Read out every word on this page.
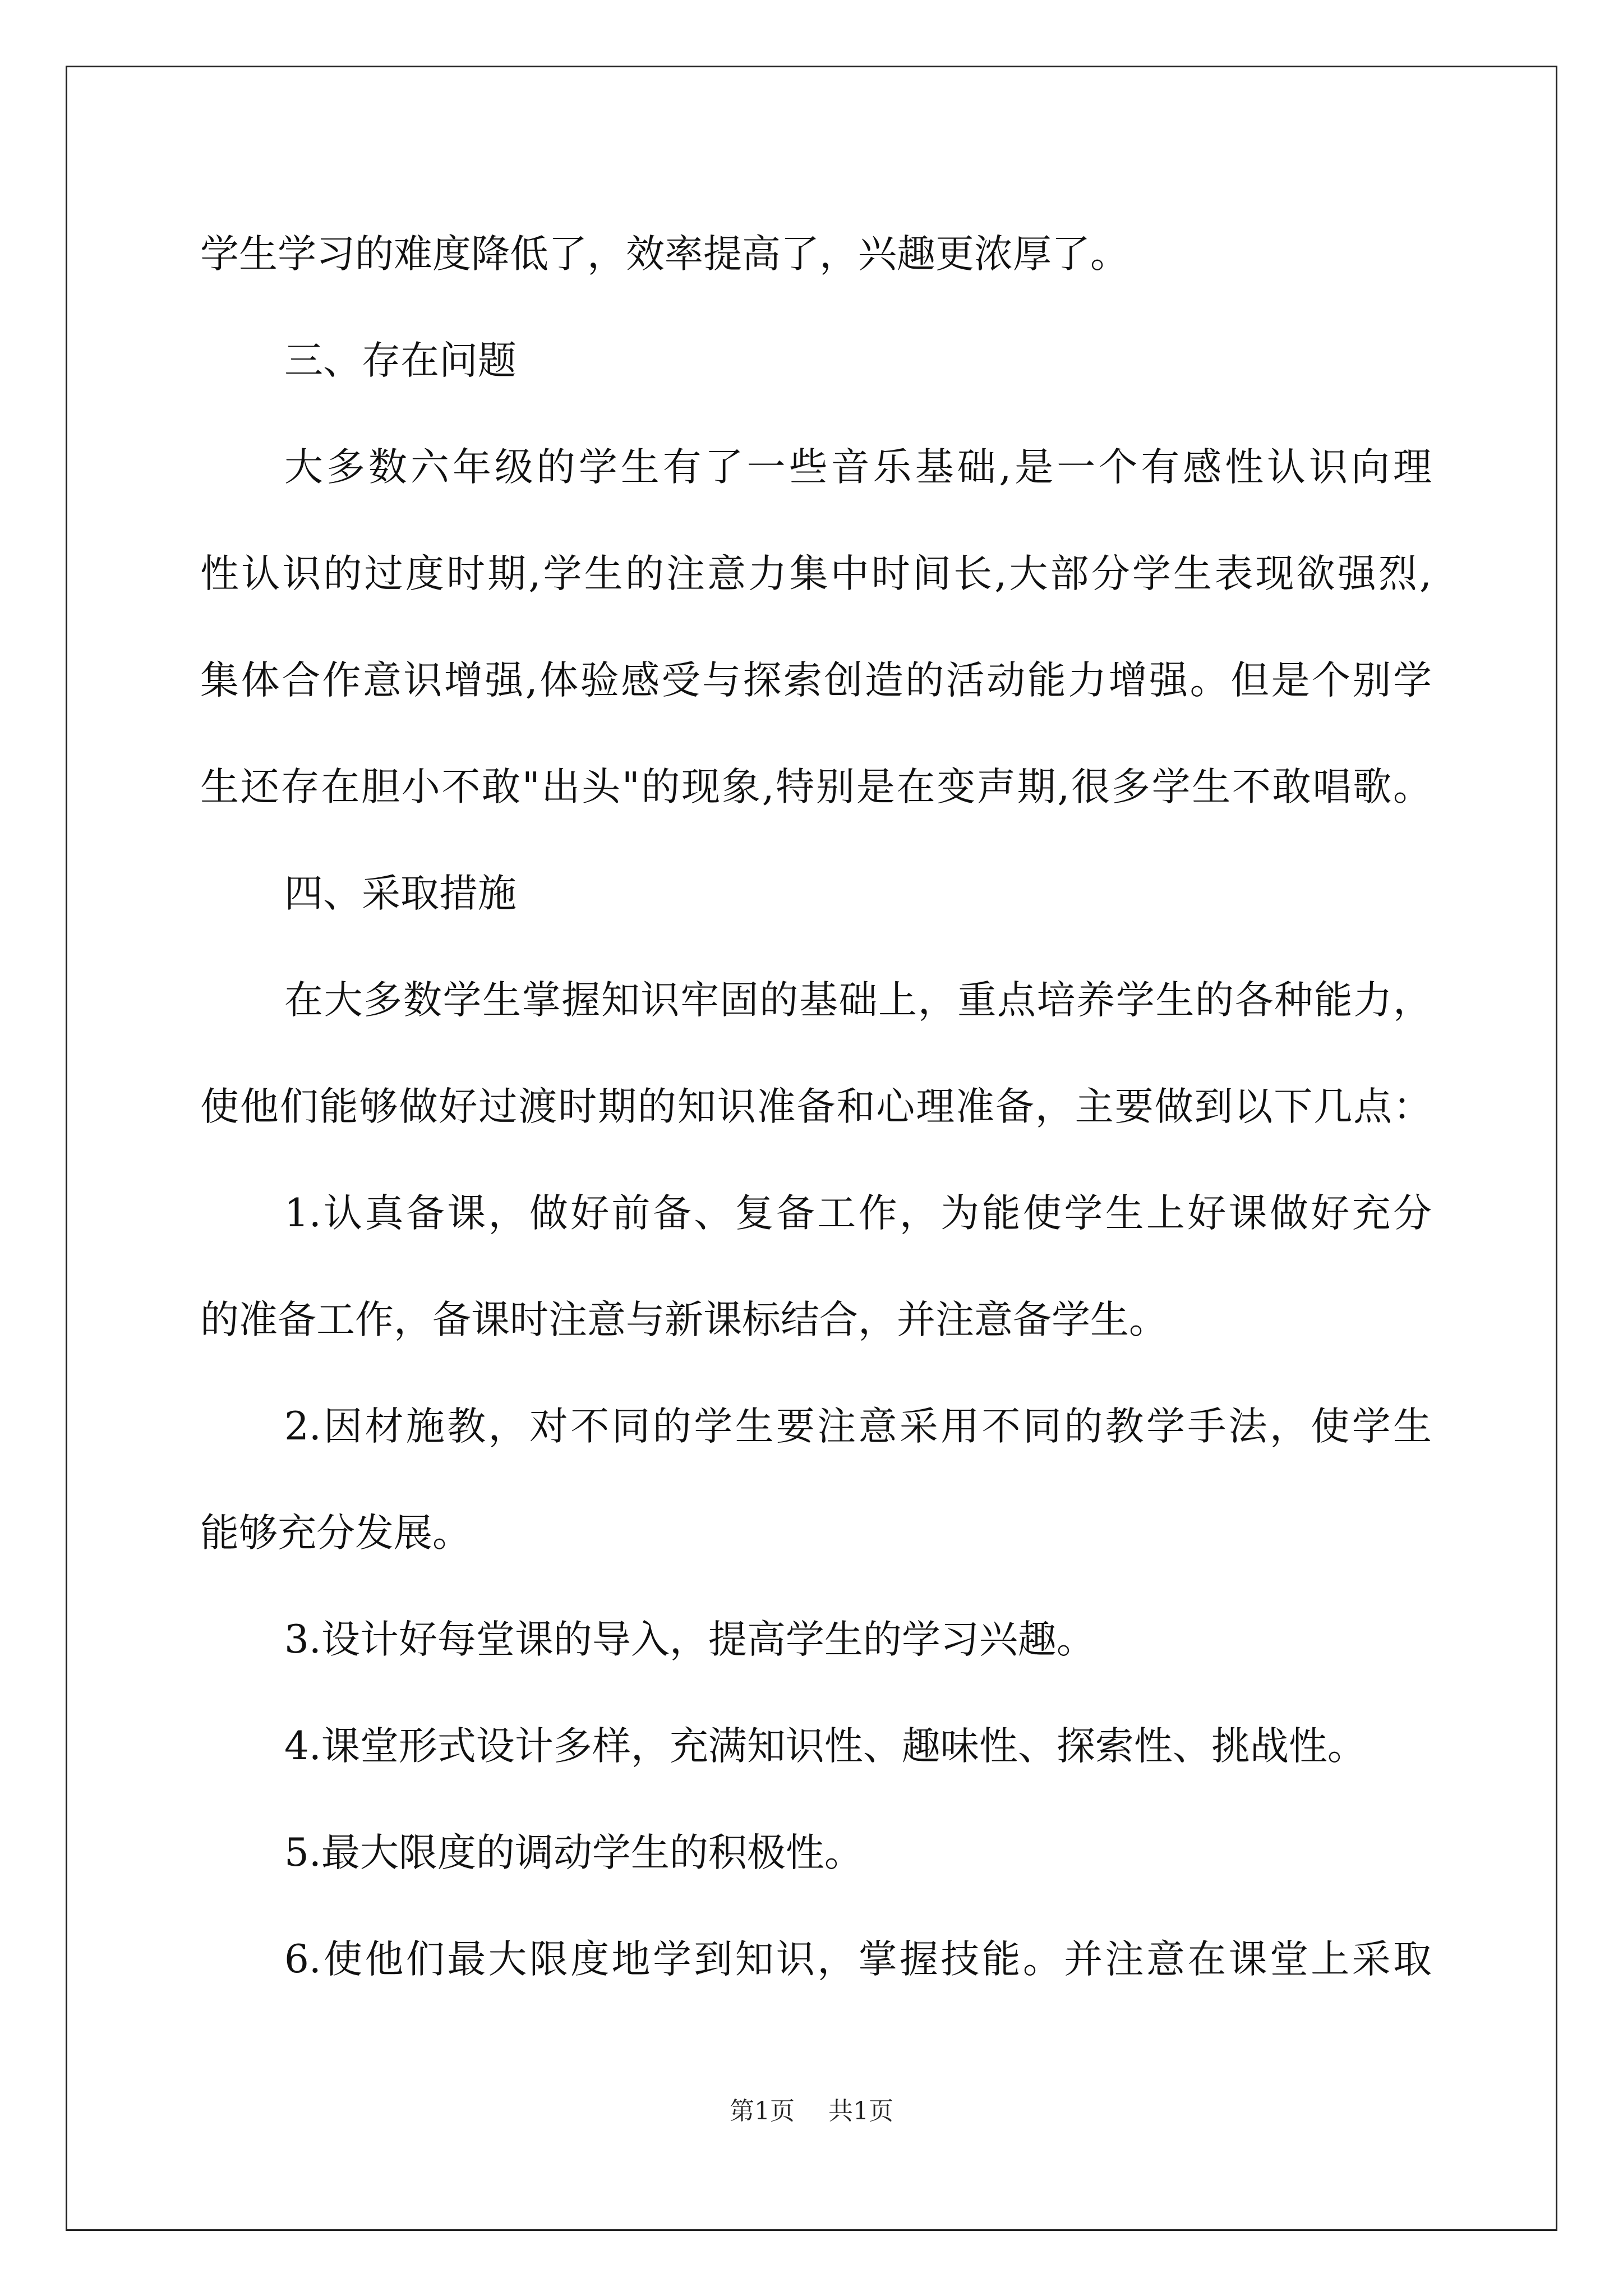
学生学习的难度降低了，效率提高了，兴趣更浓厚了。
三、存在问题
大多数六年级的学生有了一些音乐基础,是一个有感性认识向理
性认识的过度时期,学生的注意力集中时间长,大部分学生表现欲强烈,
集体合作意识增强,体验感受与探索创造的活动能力增强。但是个别学
生还存在胆小不敢"出头"的现象,特别是在变声期,很多学生不敢唱歌。
四、采取措施
在大多数学生掌握知识牢固的基础上，重点培养学生的各种能力，
使他们能够做好过渡时期的知识准备和心理准备，主要做到以下几点：
1.认真备课，做好前备、复备工作，为能使学生上好课做好充分
的准备工作，备课时注意与新课标结合，并注意备学生。
2.因材施教，对不同的学生要注意采用不同的教学手法，使学生
能够充分发展。
3.设计好每堂课的导入，提高学生的学习兴趣。
4.课堂形式设计多样，充满知识性、趣味性、探索性、挑战性。
5.最大限度的调动学生的积极性。
6.使他们最大限度地学到知识，掌握技能。并注意在课堂上采取
第1页 共1页
